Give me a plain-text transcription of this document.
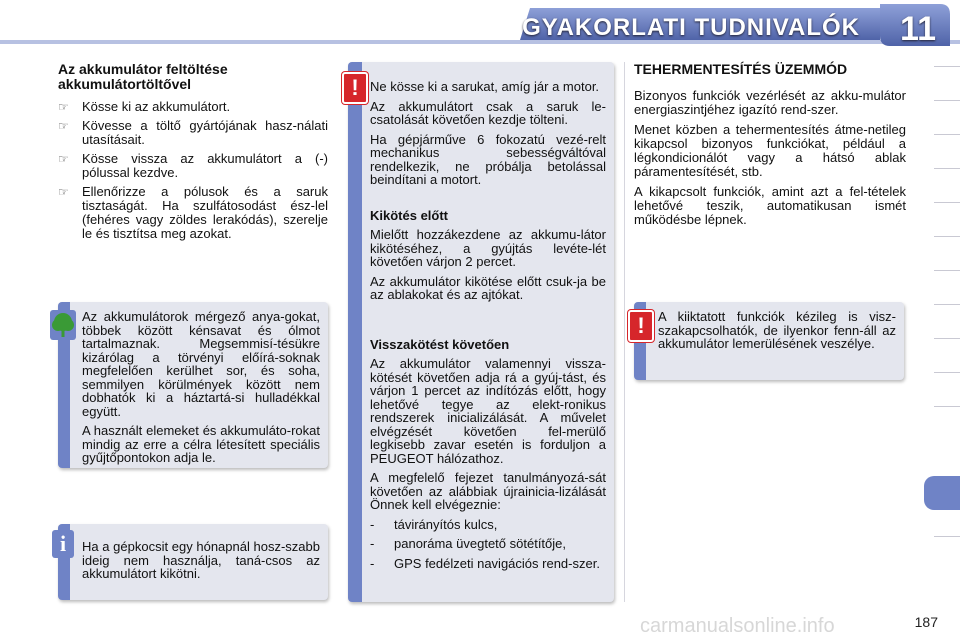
GYAKORLATI TUDNIVALÓK 11
Az akkumulátor feltöltése akkumulátortöltővel
☞ Kösse ki az akkumulátort.
☞ Kövesse a töltő gyártójának hasz-nálati utasításait.
☞ Kösse vissza az akkumulátort a (-) pólussal kezdve.
☞ Ellenőrizze a pólusok és a saruk tisztaságát. Ha szulfátosodást ész-lel (fehéres vagy zöldes lerakódás), szerelje le és tisztítsa meg azokat.

Az akkumulátorok mérgező anya-gokat, többek között kénsavat és ólmot tartalmaznak. Megsemmisí-tésükre kizárólag a törvényi előírá-soknak megfelelően kerülhet sor, és soha, semmilyen körülmények között nem dobhatók ki a háztartá-si hulladékkal együtt.

A használt elemeket és akkumuláto-rokat mindig az erre a célra létesített speciális gyűjtőpontokon adja le.

Ha a gépkocsit egy hónapnál hosz-szabb ideig nem használja, taná-csos az akkumulátort kikötni.

i

Ne kösse ki a sarukat, amíg jár a motor.

Az akkumulátort csak a saruk le-csatolását követően kezdje tölteni.

Ha gépjárműve 6 fokozatú vezé-relt mechanikus sebességváltóval rendelkezik, ne próbálja betolással beindítani a motort.

Kikötés előtt

Mielőtt hozzákezdene az akkumu-látor kikötéséhez, a gyújtás levéte-lét követően várjon 2 percet.

Az akkumulátor kikötése előtt csuk-ja be az ablakokat és az ajtókat.

Visszakötést követően

Az akkumulátor valamennyi vissza-kötését követően adja rá a gyúj-tást, és várjon 1 percet az indítózás előtt, hogy lehetővé tegye az elekt-ronikus rendszerek inicializálását. A művelet elvégzését követően fel-merülő legkisebb zavar esetén is forduljon a PEUGEOT hálózathoz.

A megfelelő fejezet tanulmányozá-sát követően az alábbiak újrainicia-lizálását Önnek kell elvégeznie:

- távirányítós kulcs,
- panoráma üvegtető sötétítője,
- GPS fedélzeti navigációs rend-szer.
!
TEHERMENTESÍTÉS ÜZEMMÓD

Bizonyos funkciók vezérlését az akku-mulátor energiaszintjéhez igazító rend-szer.

Menet közben a tehermentesítés átme-netileg kikapcsol bizonyos funkciókat, például a légkondicionálót vagy a hátsó ablak páramentesítését, stb.

A kikapcsolt funkciók, amint azt a fel-tételek lehetővé teszik, automatikusan ismét működésbe lépnek.

A kiiktatott funkciók kézileg is visz-szakapcsolhatók, de ilyenkor fenn-áll az akkumulátor lemerülésének veszélye.

!
carmanualsonline.info	187
